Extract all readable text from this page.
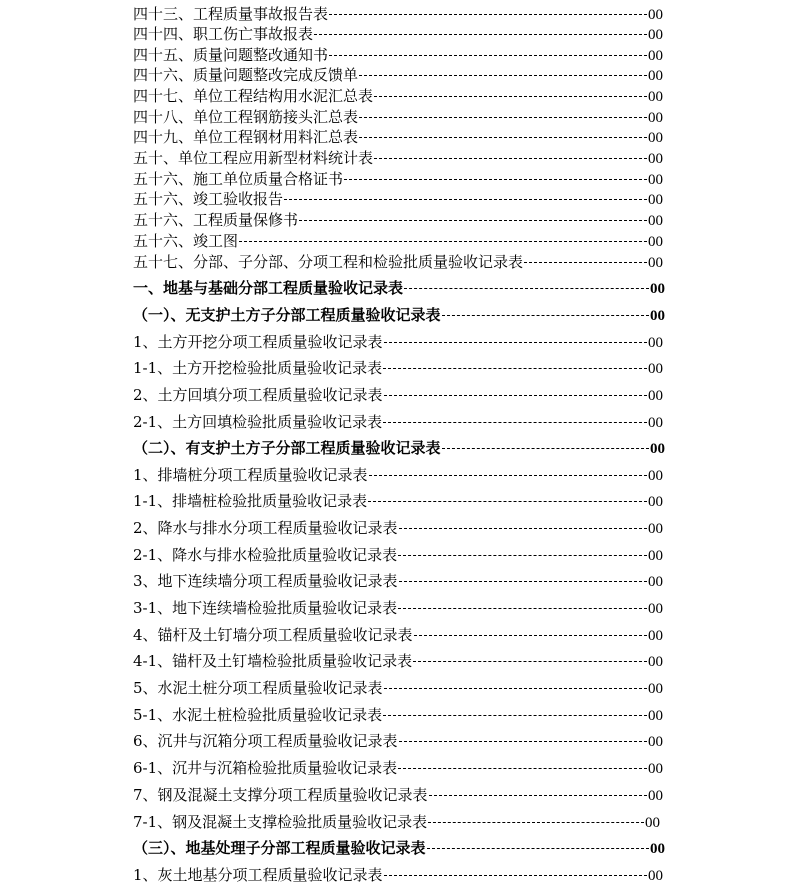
四十三、工程质量事故报告表	00
四十四、职工伤亡事故报表	00
四十五、质量问题整改通知书	00
四十六、质量问题整改完成反馈单	00
四十七、单位工程结构用水泥汇总表	00
四十八、单位工程钢筋接头汇总表	00
四十九、单位工程钢材用料汇总表	00
五十、单位工程应用新型材料统计表	00
五十六、施工单位质量合格证书	00
五十六、竣工验收报告	00
五十六、工程质量保修书	00
五十六、竣工图	00
五十七、分部、子分部、分项工程和检验批质量验收记录表	00
一、地基与基础分部工程质量验收记录表	00
（一）、无支护土方子分部工程质量验收记录表	00
1、土方开挖分项工程质量验收记录表	00
1-1、土方开挖检验批质量验收记录表	00
2、土方回填分项工程质量验收记录表	00
2-1、土方回填检验批质量验收记录表	00
（二）、有支护土方子分部工程质量验收记录表	00
1、排墙桩分项工程质量验收记录表	00
1-1、排墙桩检验批质量验收记录表	00
2、降水与排水分项工程质量验收记录表	00
2-1、降水与排水检验批质量验收记录表	00
3、地下连续墙分项工程质量验收记录表	00
3-1、地下连续墙检验批质量验收记录表	00
4、锚杆及土钉墙分项工程质量验收记录表	00
4-1、锚杆及土钉墙检验批质量验收记录表	00
5、水泥土桩分项工程质量验收记录表	00
5-1、水泥土桩检验批质量验收记录表	00
6、沉井与沉箱分项工程质量验收记录表	00
6-1、沉井与沉箱检验批质量验收记录表	00
7、钢及混凝土支撑分项工程质量验收记录表	00
7-1、钢及混凝土支撑检验批质量验收记录表	00
（三）、地基处理子分部工程质量验收记录表	00
1、灰土地基分项工程质量验收记录表	00
